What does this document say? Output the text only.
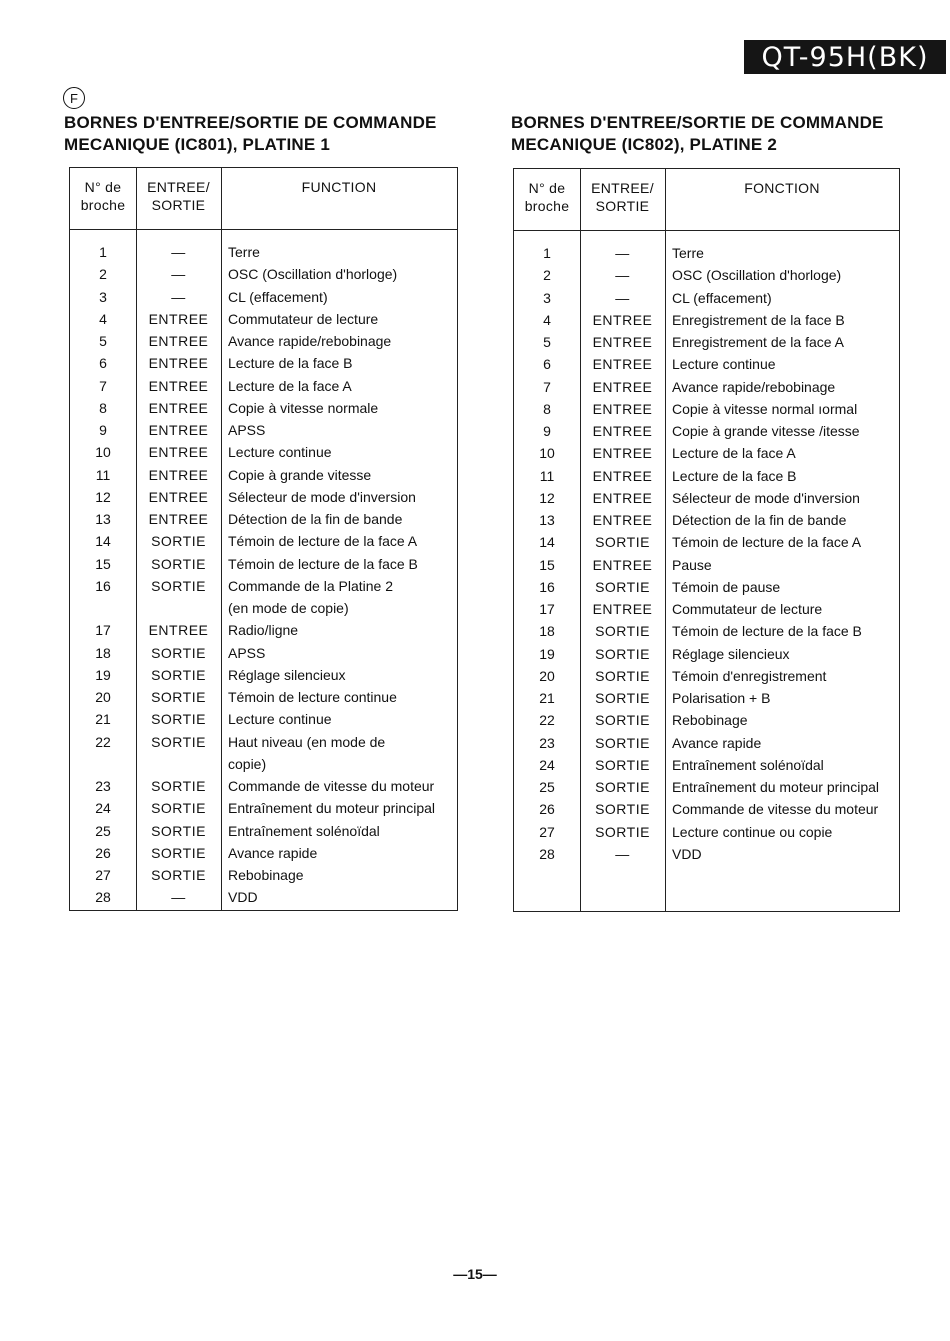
QT-95H(BK)
F
BORNES D'ENTREE/SORTIE DE COMMANDE
MECANIQUE (IC801), PLATINE 1
BORNES D'ENTREE/SORTIE DE COMMANDE
MECANIQUE (IC802), PLATINE 2
N° de
broche
ENTREE/
SORTIE
FUNCTION
1	—	Terre
2	—	OSC (Oscillation d'horloge)
3	—	CL (effacement)
4	ENTREE	Commutateur de lecture
5	ENTREE	Avance rapide/rebobinage
6	ENTREE	Lecture de la face B
7	ENTREE	Lecture de la face A
8	ENTREE	Copie à vitesse normale
9	ENTREE	APSS
10	ENTREE	Lecture continue
11	ENTREE	Copie à grande vitesse
12	ENTREE	Sélecteur de mode d'inversion
13	ENTREE	Détection de la fin de bande
14	SORTIE	Témoin de lecture de la face A
15	SORTIE	Témoin de lecture de la face B
16	SORTIE	Commande de la Platine 2
(en mode de copie)
17	ENTREE	Radio/ligne
18	SORTIE	APSS
19	SORTIE	Réglage silencieux
20	SORTIE	Témoin de lecture continue
21	SORTIE	Lecture continue
22	SORTIE	Haut niveau (en mode de
copie)
23	SORTIE	Commande de vitesse du moteur
24	SORTIE	Entraînement du moteur principal
25	SORTIE	Entraînement solénoïdal
26	SORTIE	Avance rapide
27	SORTIE	Rebobinage
28	—	VDD
N° de
broche
ENTREE/
SORTIE
FONCTION
1	—	Terre
2	—	OSC (Oscillation d'horloge)
3	—	CL (effacement)
4	ENTREE	Enregistrement de la face B
5	ENTREE	Enregistrement de la face A
6	ENTREE	Lecture continue
7	ENTREE	Avance rapide/rebobinage
8	ENTREE	Copie à vitesse normal ıormal
9	ENTREE	Copie à grande vitesse /itesse
10	ENTREE	Lecture de la face A
11	ENTREE	Lecture de la face B
12	ENTREE	Sélecteur de mode d'inversion
13	ENTREE	Détection de la fin de bande
14	SORTIE	Témoin de lecture de la face A
15	ENTREE	Pause
16	SORTIE	Témoin de pause
17	ENTREE	Commutateur de lecture
18	SORTIE	Témoin de lecture de la face B
19	SORTIE	Réglage silencieux
20	SORTIE	Témoin d'enregistrement
21	SORTIE	Polarisation + B
22	SORTIE	Rebobinage
23	SORTIE	Avance rapide
24	SORTIE	Entraînement solénoïdal
25	SORTIE	Entraînement du moteur principal
26	SORTIE	Commande de vitesse du moteur
27	SORTIE	Lecture continue ou copie
28	—	VDD
—15—
